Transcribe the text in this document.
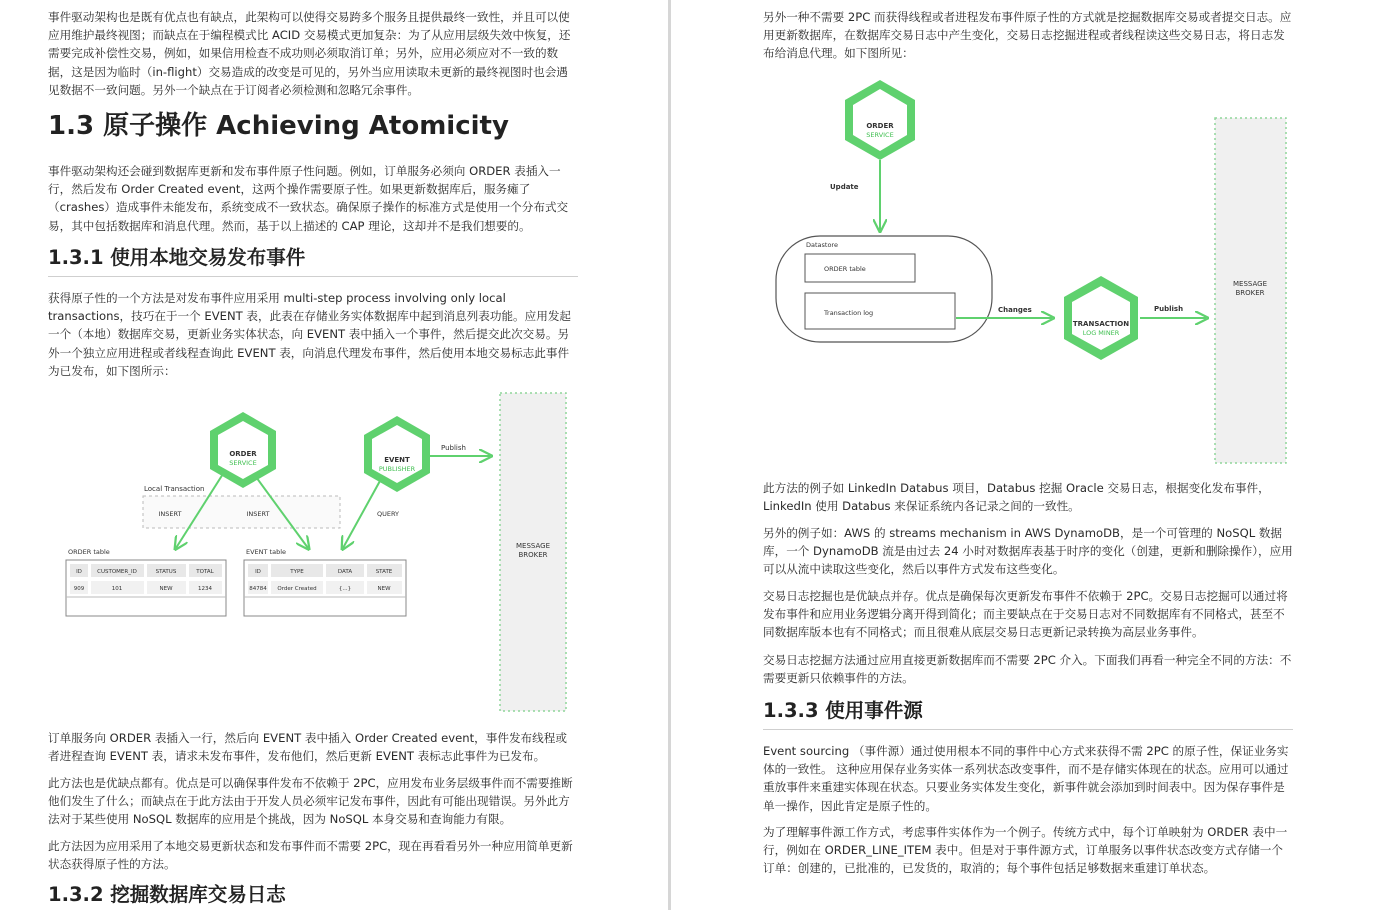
事件驱动架构也是既有优点也有缺点，此架构可以使得交易跨多个服务且提供最终一致性，并且可以使应用维护最终视图；而缺点在于编程模式比 ACID 交易模式更加复杂：为了从应用层级失效中恢复，还需要完成补偿性交易，例如，如果信用检查不成功则必须取消订单；另外，应用必须应对不一致的数据，这是因为临时（in-flight）交易造成的改变是可见的，另外当应用读取未更新的最终视图时也会遇见数据不一致问题。另外一个缺点在于订阅者必须检测和忽略冗余事件。

1.3 原子操作 Achieving Atomicity

事件驱动架构还会碰到数据库更新和发布事件原子性问题。例如，订单服务必须向 ORDER 表插入一行，然后发布 Order Created event，这两个操作需要原子性。如果更新数据库后，服务瘫了（crashes）造成事件未能发布，系统变成不一致状态。确保原子操作的标准方式是使用一个分布式交易，其中包括数据库和消息代理。然而，基于以上描述的 CAP 理论，这却并不是我们想要的。

1.3.1 使用本地交易发布事件

获得原子性的一个方法是对发布事件应用采用 multi-step process involving only local transactions，技巧在于一个 EVENT 表，此表在存储业务实体数据库中起到消息列表功能。应用发起一个（本地）数据库交易，更新业务实体状态，向 EVENT 表中插入一个事件，然后提交此次交易。另外一个独立应用进程或者线程查询此 EVENT 表，向消息代理发布事件，然后使用本地交易标志此事件为已发布，如下图所示：

MESSAGE
BROKER
Local Transaction
INSERT	INSERT	QUERY
Publish
ORDER
SERVICE	EVENT
PUBLISHER
ORDER table
ID	CUSTOMER_ID	STATUS	TOTAL
909	101	NEW	1234
EVENT table
ID	TYPE	DATA	STATE
84784 Order Created	{...}	NEW

订单服务向 ORDER 表插入一行，然后向 EVENT 表中插入 Order Created event，事件发布线程或者进程查询 EVENT 表，请求未发布事件，发布他们，然后更新 EVENT 表标志此事件为已发布。

此方法也是优缺点都有。优点是可以确保事件发布不依赖于 2PC，应用发布业务层级事件而不需要推断他们发生了什么；而缺点在于此方法由于开发人员必须牢记发布事件，因此有可能出现错误。另外此方法对于某些使用 NoSQL 数据库的应用是个挑战，因为 NoSQL 本身交易和查询能力有限。

此方法因为应用采用了本地交易更新状态和发布事件而不需要 2PC，现在再看看另外一种应用简单更新状态获得原子性的方法。

1.3.2 挖掘数据库交易日志

另外一种不需要 2PC 而获得线程或者进程发布事件原子性的方式就是挖掘数据库交易或者提交日志。应用更新数据库，在数据库交易日志中产生变化，交易日志挖掘进程或者线程读这些交易日志，将日志发布给消息代理。如下图所见：

MESSAGE
BROKER
ORDER
SERVICE
Update
Datastore
ORDER table
Transaction log	Changes
TRANSACTION
LOG MINER
Publish

此方法的例子如 LinkedIn Databus 项目，Databus 挖掘 Oracle 交易日志，根据变化发布事件，LinkedIn 使用 Databus 来保证系统内各记录之间的一致性。

另外的例子如：AWS 的 streams mechanism in AWS DynamoDB，是一个可管理的 NoSQL 数据库，一个 DynamoDB 流是由过去 24 小时对数据库表基于时序的变化（创建，更新和删除操作），应用可以从流中读取这些变化，然后以事件方式发布这些变化。

交易日志挖掘也是优缺点并存。优点是确保每次更新发布事件不依赖于 2PC。交易日志挖掘可以通过将发布事件和应用业务逻辑分离开得到简化；而主要缺点在于交易日志对不同数据库有不同格式，甚至不同数据库版本也有不同格式；而且很难从底层交易日志更新记录转换为高层业务事件。

交易日志挖掘方法通过应用直接更新数据库而不需要 2PC 介入。下面我们再看一种完全不同的方法：不需要更新只依赖事件的方法。

1.3.3 使用事件源

Event sourcing （事件源）通过使用根本不同的事件中心方式来获得不需 2PC 的原子性，保证业务实体的一致性。 这种应用保存业务实体一系列状态改变事件，而不是存储实体现在的状态。应用可以通过重放事件来重建实体现在状态。只要业务实体发生变化，新事件就会添加到时间表中。因为保存事件是单一操作，因此肯定是原子性的。

为了理解事件源工作方式，考虑事件实体作为一个例子。传统方式中，每个订单映射为 ORDER 表中一行，例如在 ORDER_LINE_ITEM 表中。但是对于事件源方式，订单服务以事件状态改变方式存储一个订单：创建的，已批准的，已发货的，取消的；每个事件包括足够数据来重建订单状态。
